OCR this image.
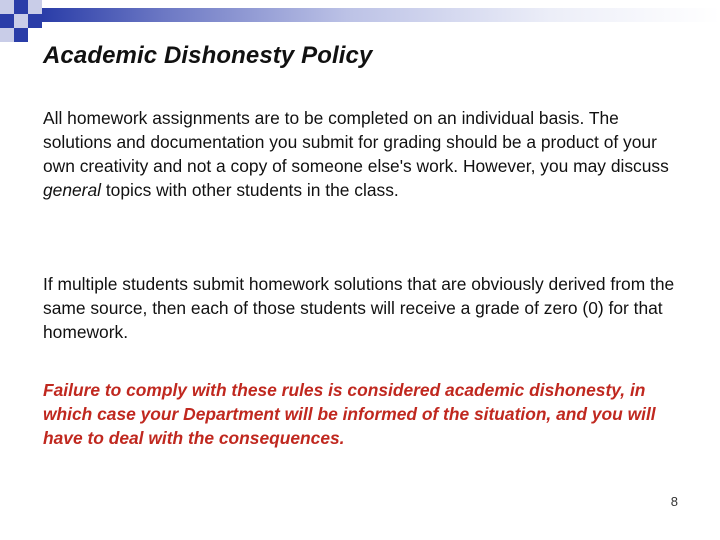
Academic Dishonesty Policy

All homework assignments are to be completed on an individual basis. The solutions and documentation you submit for grading should be a product of your own creativity and not a copy of someone else's work. However, you may discuss general topics with other students in the class.

If multiple students submit homework solutions that are obviously derived from the same source, then each of those students will receive a grade of zero (0) for that homework.

Failure to comply with these rules is considered academic dishonesty, in which case your Department will be informed of the situation, and you will have to deal with the consequences.

8
